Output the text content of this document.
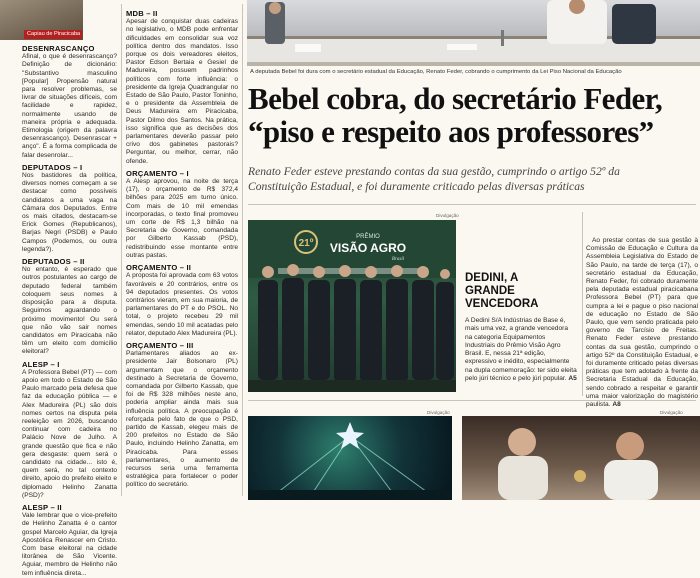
Capiau de Piracicaba
DESENRASCANÇO
Afinal, o que é desenrascanço? Definição de dicionário: "Substantivo masculino [Popular] Propensão natural para resolver problemas, se livrar de situações difíceis, com facilidade e rapidez, normalmente usando de maneira própria e adequada. Etimologia (origem da palavra desenrascanço). Desenrascar + anço". É a forma complicada de falar desenrolar...
DEPUTADOS – I
Nos bastidores da política, diversos nomes começam a se destacar como possíveis candidatos a uma vaga na Câmara dos Deputados. Entre os mais citados, destacam-se Erick Gomes (Republicanos), Barjas Negri (PSDB) e Paulo Campos (Podemos, ou outra legenda?).
DEPUTADOS – II
No entanto, é esperado que outros postulantes ao cargo de deputado federal também coloquem seus nomes à disposição para a disputa. Seguimos aguardando o próximo movimento! Ou será que não vão sair nomes candidatos em Piracicaba não têm um eleito com domicílio eleitoral?
ALESP – I
A Professora Bebel (PT) — com apoio em todo o Estado de São Paulo marcado pela defesa que faz da educação pública — e Alex Madureira (PL) são dois nomes certos na disputa pela reeleição em 2026, buscando continuar com cadeira no Palácio Nove de Julho. A grande questão que fica e não gera desgaste: quem será o candidato na cidade... isto é, quem será, no tal contexto direito, apoio do prefeito eleito e diplomado Helinho Zanatta (PSD)?
ALESP – II
Vale lembrar que o vice-prefeito de Helinho Zanatta é o cantor gospel Marcelo Aguiar, da Igreja Apostólica Renascer em Cristo. Com base eleitoral na cidade litorânea de São Vicente. Aguiar, membro de Helinho não tem influência direta...
MDB – II
Apesar de conquistar duas cadeiras no legislativo, o MDB pode enfrentar dificuldades em consolidar sua voz política dentro dos mandatos. Isso porque os dois vereadores eleitos, Pastor Edson Bertaia e Gesiel de Madureira, possuem padrinhos políticos com forte influência: o presidente da Igreja Quadrangular no Estado de São Paulo, Pastor Toninho, e o presidente da Assembleia de Deus Madureira em Piracicaba, Pastor Dilmo dos Santos. Na prática, isso significa que as decisões dos parlamentares deverão passar pelo crivo dos gabinetes pastorais? Perguntar, ou melhor, cerrar, não ofende.
ORÇAMENTO – I
A Alesp aprovou, na noite de terça (17), o orçamento de R$ 372,4 bilhões para 2025 em turno único. Com mais de 10 mil emendas incorporadas, o texto final promoveu um corte de R$ 1,3 bilhão na Secretaria de Governo, comandada por Gilberto Kassab (PSD), redistribuindo esse montante entre outras pastas.
ORÇAMENTO – II
A proposta foi aprovada com 63 votos favoráveis e 20 contrários, entre os 94 deputados presentes. Os votos contrários vieram, em sua maioria, de parlamentares do PT e do PSOL. No total, o projeto recebeu 29 mil emendas, sendo 10 mil acatadas pelo relator, deputado Alex Madureira (PL).
ORÇAMENTO – III
Parlamentares aliados ao ex-presidente Jair Bolsonaro (PL) argumentam que o orçamento destinado à Secretaria de Governo, comandada por Gilberto Kassab, que foi de R$ 328 milhões neste ano, poderia ampliar ainda mais sua influência política. A preocupação é reforçada pelo fato de que o PSD, partido de Kassab, elegeu mais de 200 prefeitos no Estado de São Paulo, incluindo Helinho Zanatta, em Piracicaba. Para esses parlamentares, o aumento de recursos seria uma ferramenta estratégica para fortalecer o poder político do secretário.
A deputada Bebel foi dura com o secretário estadual da Educação, Renato Feder, cobrando o cumprimento da Lei Piso Nacional da Educação
Bebel cobra, do secretário Feder,
“piso e respeito aos professores”
Renato Feder esteve prestando contas da sua gestão, cumprindo o artigo 52º da Constituição Estadual, e foi duramente criticado pelas diversas práticas
Ao prestar contas de sua gestão à Comissão de Educação e Cultura da Assembleia Legislativa do Estado de São Paulo, na tarde de terça (17), o secretário estadual da Educação, Renato Feder, foi cobrado duramente pela deputada estadual piracicabana Professora Bebel (PT) para que cumpra a lei e pague o piso nacional de educação no Estado de São Paulo, que vem sendo praticada pelo governo de Tarcísio de Freitas. Renato Feder esteve prestando contas da sua gestão, cumprindo o artigo 52º da Constituição Estadual, e foi duramente criticado pelas diversas práticas que tem adotado à frente da Secretaria Estadual da Educação, sendo cobrado a respeitar e garantir uma maior valorização do magistério paulista. A8
Divulgação
21º
PRÊMIO
VISÃO AGRO
Brasil
DEDINI, A
GRANDE
VENCEDORA
A Dedini S/A Indústrias de Base é, mais uma vez, a grande vencedora na categoria Equipamentos Industriais do Prêmio Visão Agro Brasil. E, nessa 21ª edição, expressivo e inédito, especialmente na dupla comemoração: ter sido eleita pelo júri técnico e pelo júri popular. A5
Divulgação	Divulgação
